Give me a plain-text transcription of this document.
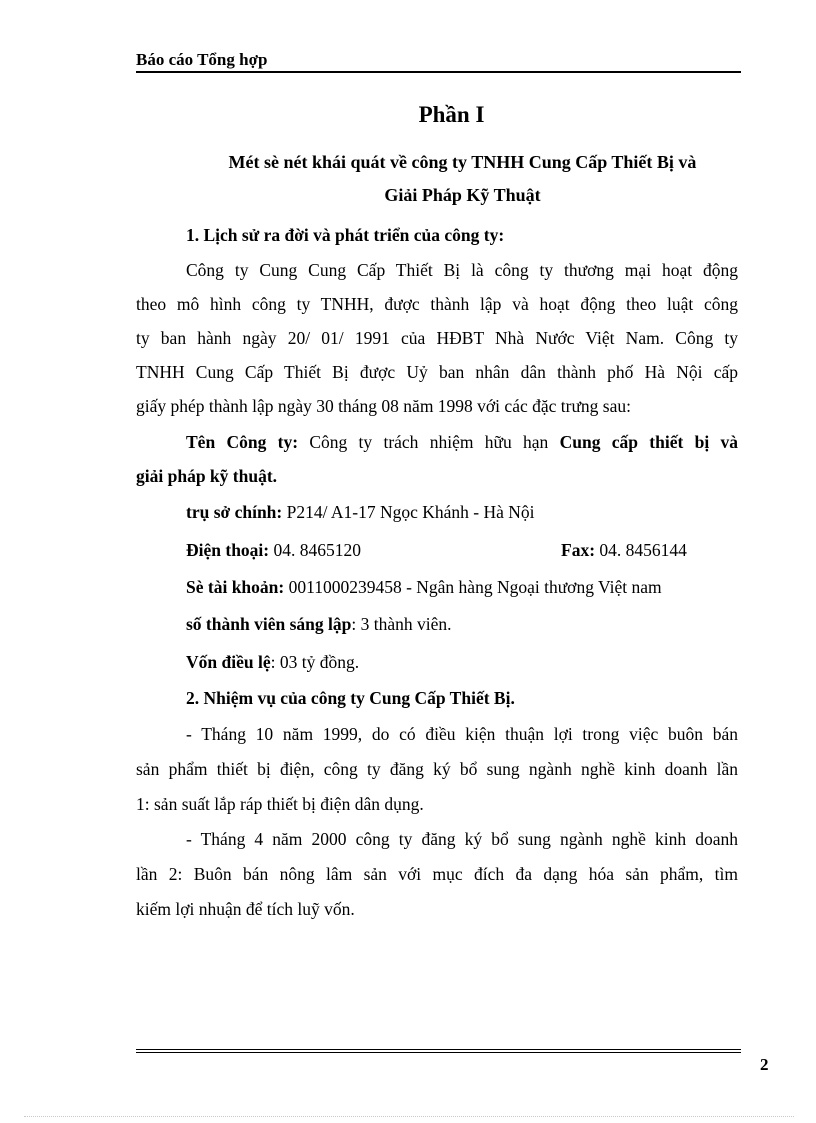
Báo cáo Tổng hợp
Phần I
Mét sè nét khái quát về công ty TNHH Cung Cấp Thiết Bị và
Giải Pháp Kỹ Thuật
1. Lịch sử ra đời và phát triển của công ty:
Công ty Cung Cung Cấp Thiết Bị là công ty thương mại hoạt động
theo mô hình công ty TNHH, được thành lập và hoạt động theo luật công
ty ban hành ngày 20/ 01/ 1991 của HĐBT Nhà Nước Việt Nam. Công ty
TNHH Cung Cấp Thiết Bị được Uỷ ban nhân dân thành phố Hà Nội cấp
giấy phép thành lập ngày 30 tháng 08 năm 1998 với các đặc trưng sau:
Tên Công ty: Công ty trách nhiệm hữu hạn Cung cấp thiết bị và
giải pháp kỹ thuật.
trụ sở chính: P214/ A1-17 Ngọc Khánh - Hà Nội
Điện thoại: 04. 8465120	Fax: 04. 8456144
Sè tài khoản: 0011000239458 - Ngân hàng Ngoại thương Việt nam
số thành viên sáng lập: 3 thành viên.
Vốn điều lệ: 03 tỷ đồng.
2. Nhiệm vụ của công ty Cung Cấp Thiết Bị.
- Tháng 10 năm 1999, do có điều kiện thuận lợi trong việc buôn bán
sản phẩm thiết bị điện, công ty đăng ký bổ sung ngành nghề kinh doanh lần
1: sản suất lắp ráp thiết bị điện dân dụng.
- Tháng 4 năm 2000 công ty đăng ký bổ sung ngành nghề kinh doanh
lần 2: Buôn bán nông lâm sản với mục đích đa dạng hóa sản phẩm, tìm
kiếm lợi nhuận để tích luỹ vốn.
2
